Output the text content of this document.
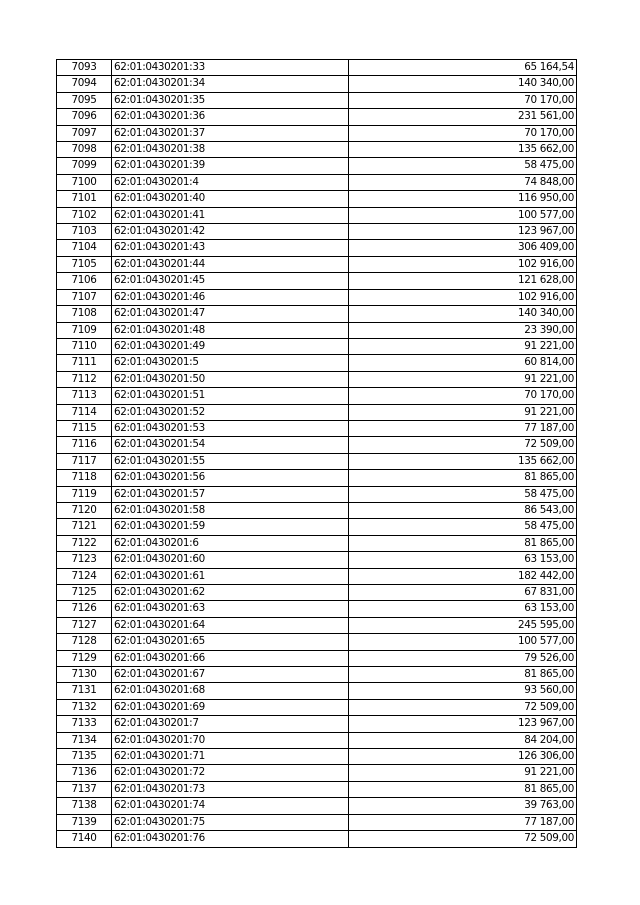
7093	62:01:0430201:33	65 164,54
7094	62:01:0430201:34	140 340,00
7095	62:01:0430201:35	70 170,00
7096	62:01:0430201:36	231 561,00
7097	62:01:0430201:37	70 170,00
7098	62:01:0430201:38	135 662,00
7099	62:01:0430201:39	58 475,00
7100	62:01:0430201:4	74 848,00
7101	62:01:0430201:40	116 950,00
7102	62:01:0430201:41	100 577,00
7103	62:01:0430201:42	123 967,00
7104	62:01:0430201:43	306 409,00
7105	62:01:0430201:44	102 916,00
7106	62:01:0430201:45	121 628,00
7107	62:01:0430201:46	102 916,00
7108	62:01:0430201:47	140 340,00
7109	62:01:0430201:48	23 390,00
7110	62:01:0430201:49	91 221,00
7111	62:01:0430201:5	60 814,00
7112	62:01:0430201:50	91 221,00
7113	62:01:0430201:51	70 170,00
7114	62:01:0430201:52	91 221,00
7115	62:01:0430201:53	77 187,00
7116	62:01:0430201:54	72 509,00
7117	62:01:0430201:55	135 662,00
7118	62:01:0430201:56	81 865,00
7119	62:01:0430201:57	58 475,00
7120	62:01:0430201:58	86 543,00
7121	62:01:0430201:59	58 475,00
7122	62:01:0430201:6	81 865,00
7123	62:01:0430201:60	63 153,00
7124	62:01:0430201:61	182 442,00
7125	62:01:0430201:62	67 831,00
7126	62:01:0430201:63	63 153,00
7127	62:01:0430201:64	245 595,00
7128	62:01:0430201:65	100 577,00
7129	62:01:0430201:66	79 526,00
7130	62:01:0430201:67	81 865,00
7131	62:01:0430201:68	93 560,00
7132	62:01:0430201:69	72 509,00
7133	62:01:0430201:7	123 967,00
7134	62:01:0430201:70	84 204,00
7135	62:01:0430201:71	126 306,00
7136	62:01:0430201:72	91 221,00
7137	62:01:0430201:73	81 865,00
7138	62:01:0430201:74	39 763,00
7139	62:01:0430201:75	77 187,00
7140	62:01:0430201:76	72 509,00
